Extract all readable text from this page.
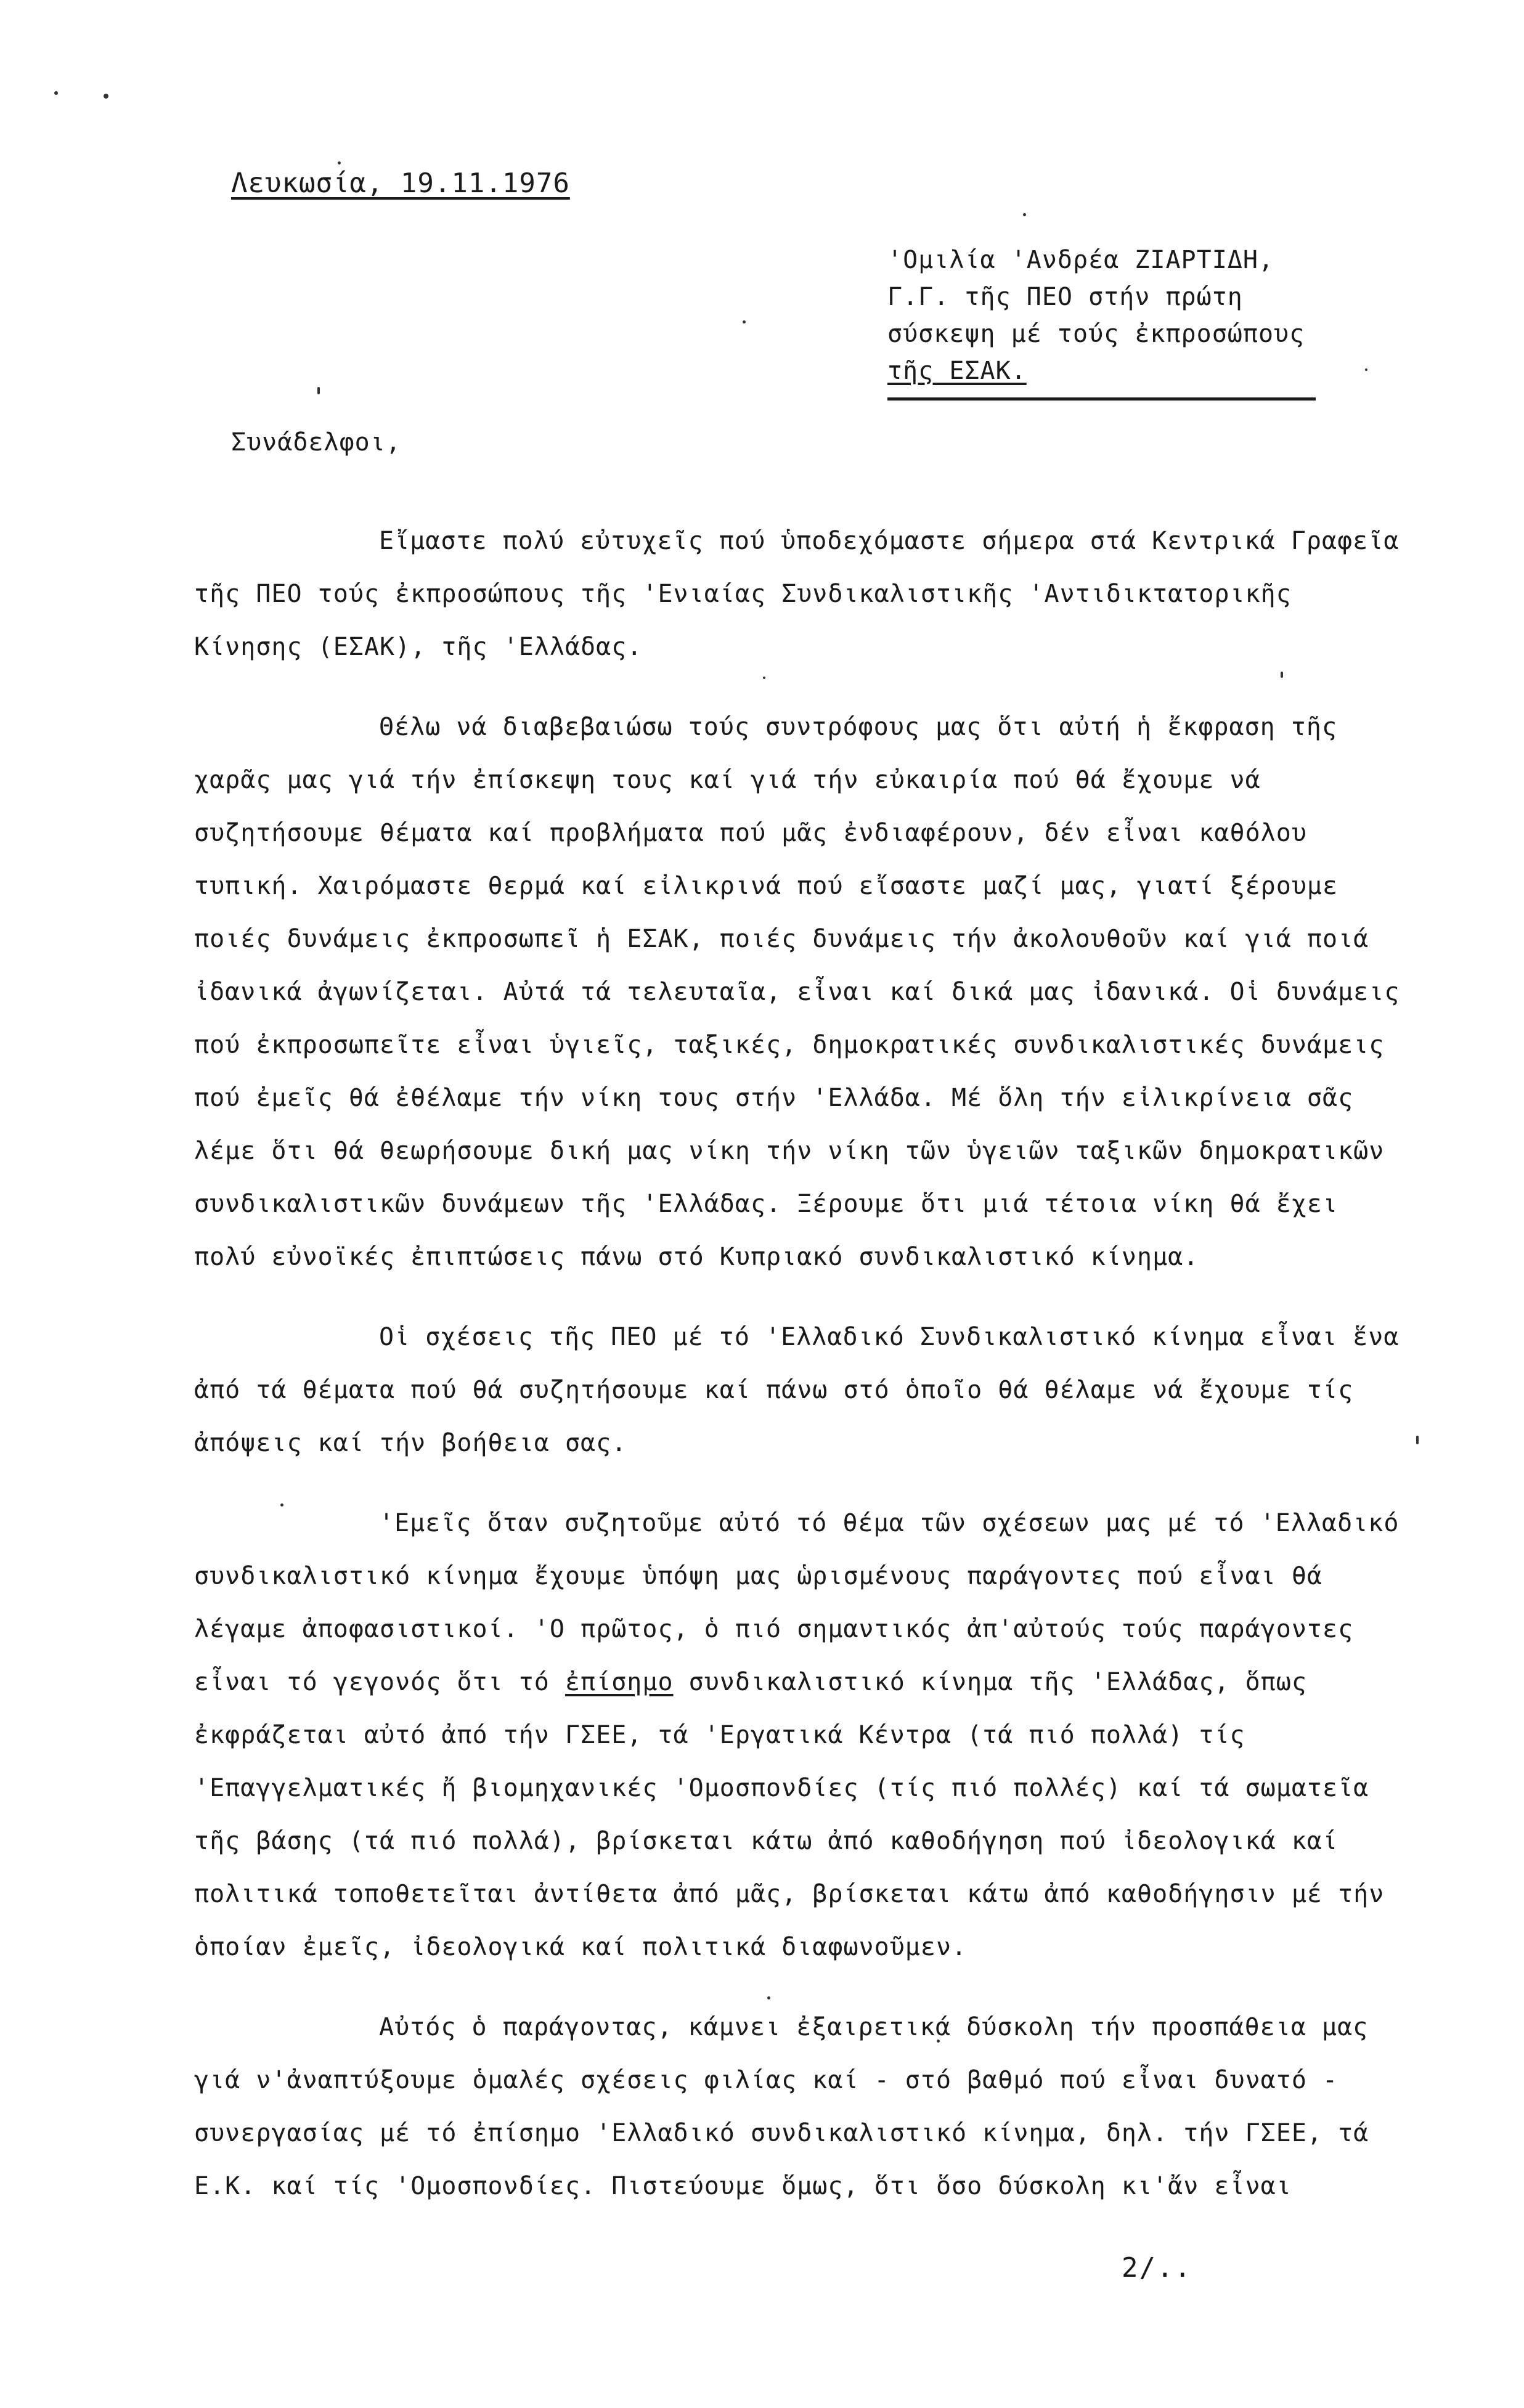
Λευκωσία, 19.11.1976
'Ομιλία 'Ανδρέα ΖΙΑΡΤΙΔΗ,
Γ.Γ. τῆς ΠΕΟ στήν πρώτη
σύσκεψη μέ τούς ἐκπροσώπους
τῆς ΕΣΑΚ.
Συνάδελφοι,

Εἴμαστε πολύ εὐτυχεῖς πού ὑποδεχόμαστε σήμερα στά Κεντρικά Γραφεῖα τῆς ΠΕΟ τούς ἐκπροσώπους τῆς 'Ενιαίας Συνδικαλιστικῆς 'Αντιδικτατορικῆς Κίνησης (ΕΣΑΚ), τῆς 'Ελλάδας.

Θέλω νά διαβεβαιώσω τούς συντρόφους μας ὅτι αὐτή ἡ ἔκφραση τῆς χαρᾶς μας γιά τήν ἐπίσκεψη τους καί γιά τήν εὐκαιρία πού θά ἔχουμε νά συζητήσουμε θέματα καί προβλήματα πού μᾶς ἐνδιαφέρουν, δέν εἶναι καθόλου τυπική. Χαιρόμαστε θερμά καί εἰλικρινά πού εἴσαστε μαζί μας, γιατί ξέρουμε ποιές δυνάμεις ἐκπροσωπεῖ ἡ ΕΣΑΚ, ποιές δυνάμεις τήν ἀκολουθοῦν καί γιά ποιά ἰδανικά ἀγωνίζεται. Αὐτά τά τελευταῖα, εἶναι καί δικά μας ἰδανικά. Οἱ δυνάμεις πού ἐκπροσωπεῖτε εἶναι ὑγιεῖς, ταξικές, δημοκρατικές συνδικαλιστικές δυνάμεις πού ἐμεῖς θά ἐθέλαμε τήν νίκη τους στήν 'Ελλάδα. Μέ ὅλη τήν εἰλικρίνεια σᾶς λέμε ὅτι θά θεωρήσουμε δική μας νίκη τήν νίκη τῶν ὑγειῶν ταξικῶν δημοκρατικῶν συνδικαλιστικῶν δυνάμεων τῆς 'Ελλάδας. Ξέρουμε ὅτι μιά τέτοια νίκη θά ἔχει πολύ εὐνοϊκές ἐπιπτώσεις πάνω στό Κυπριακό συνδικαλιστικό κίνημα.

Οἱ σχέσεις τῆς ΠΕΟ μέ τό 'Ελλαδικό Συνδικαλιστικό κίνημα εἶναι ἕνα ἀπό τά θέματα πού θά συζητήσουμε καί πάνω στό ὁποῖο θά θέλαμε νά ἔχουμε τίς ἀπόψεις καί τήν βοήθεια σας.

'Εμεῖς ὅταν συζητοῦμε αὐτό τό θέμα τῶν σχέσεων μας μέ τό 'Ελλαδικό συνδικαλιστικό κίνημα ἔχουμε ὑπόψη μας ὡρισμένους παράγοντες πού εἶναι θά λέγαμε ἀποφασιστικοί. 'Ο πρῶτος, ὁ πιό σημαντικός ἀπ'αὐτούς τούς παράγοντες εἶναι τό γεγονός ὅτι τό ἐπίσημο συνδικαλιστικό κίνημα τῆς 'Ελλάδας, ὅπως ἐκφράζεται αὐτό ἀπό τήν ΓΣΕΕ, τά 'Εργατικά Κέντρα (τά πιό πολλά) τίς 'Επαγγελματικές ἤ βιομηχανικές 'Ομοσπονδίες (τίς πιό πολλές) καί τά σωματεῖα τῆς βάσης (τά πιό πολλά), βρίσκεται κάτω ἀπό καθοδήγηση πού ἰδεολογικά καί πολιτικά τοποθετεῖται ἀντίθετα ἀπό μᾶς, βρίσκεται κάτω ἀπό καθοδήγησιν μέ τήν ὁποίαν ἐμεῖς, ἰδεολογικά καί πολιτικά διαφωνοῦμεν.

Αὐτός ὁ παράγοντας, κάμνει ἐξαιρετικά δύσκολη τήν προσπάθεια μας γιά ν'ἀναπτύξουμε ὁμαλές σχέσεις φιλίας καί - στό βαθμό πού εἶναι δυνατό - συνεργασίας μέ τό ἐπίσημο 'Ελλαδικό συνδικαλιστικό κίνημα, δηλ. τήν ΓΣΕΕ, τά Ε.Κ. καί τίς 'Ομοσπονδίες. Πιστεύουμε ὅμως, ὅτι ὅσο δύσκολη κι'ἄν εἶναι

2/..
